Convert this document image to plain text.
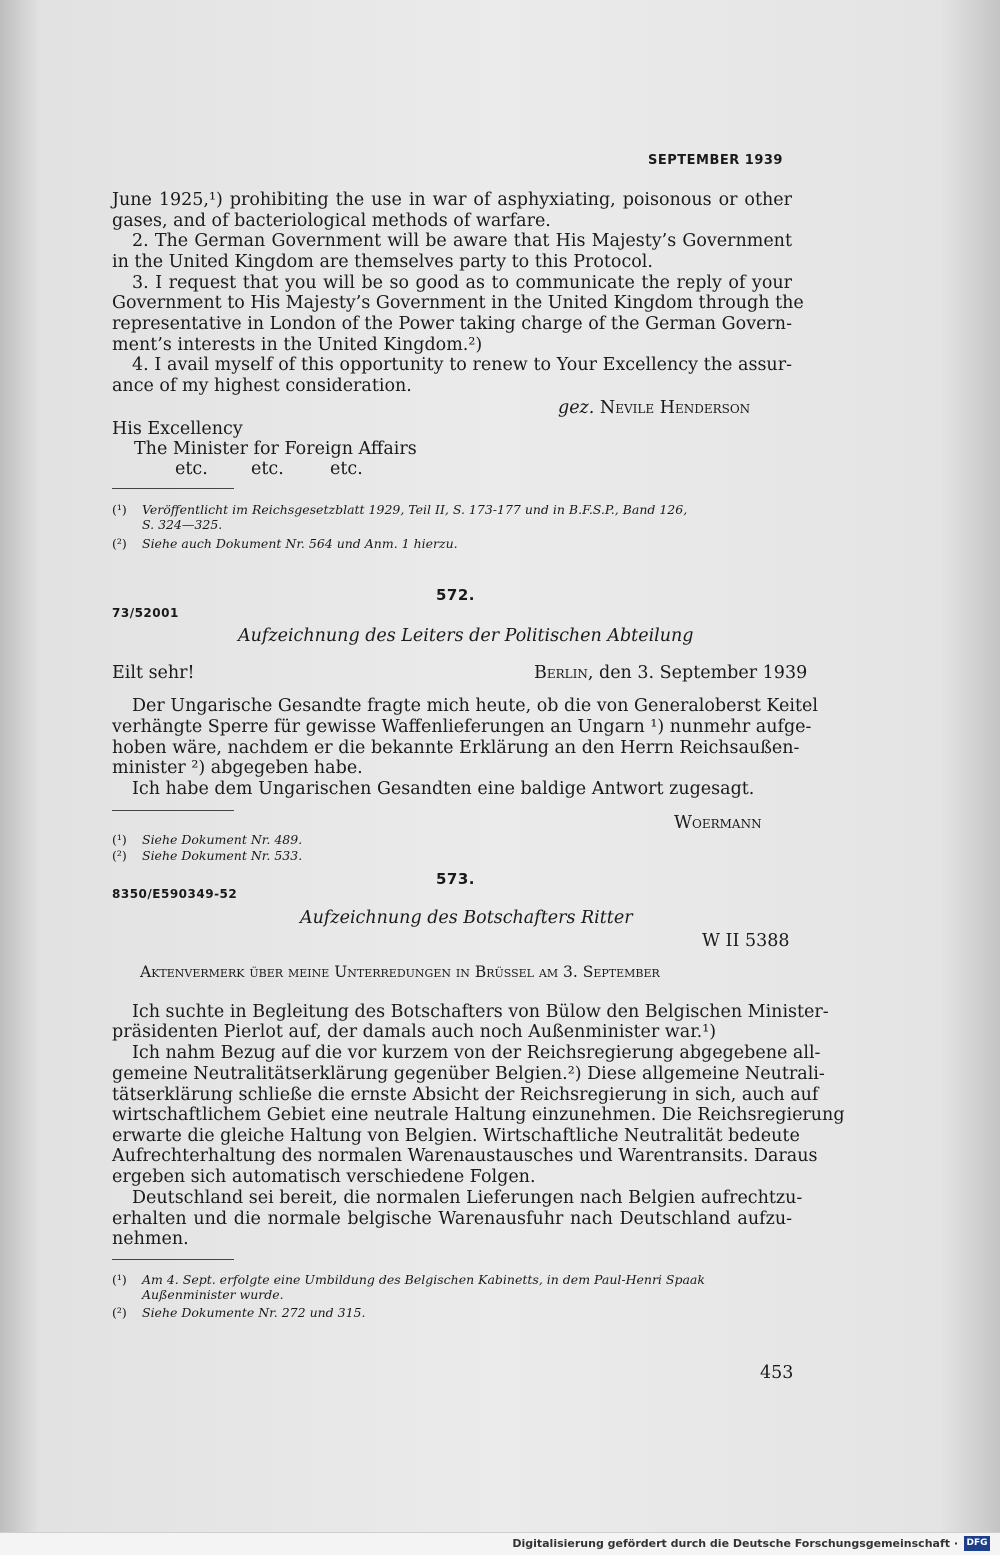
SEPTEMBER 1939
June 1925,¹) prohibiting the use in war of asphyxiating, poisonous or other
gases, and of bacteriological methods of warfare.
2. The German Government will be aware that His Majesty’s Government
in the United Kingdom are themselves party to this Protocol.
3. I request that you will be so good as to communicate the reply of your
Government to His Majesty’s Government in the United Kingdom through the
representative in London of the Power taking charge of the German Govern-
ment’s interests in the United Kingdom.²)
4. I avail myself of this opportunity to renew to Your Excellency the assur-
ance of my highest consideration.
gez. Nevile Henderson
His Excellency
The Minister for Foreign Affairs
etc. etc.	etc.
(¹) Veröffentlicht im Reichsgesetzblatt 1929, Teil II, S. 173-177 und in B.F.S.P., Band 126,
S. 324—325.
(²) Siehe auch Dokument Nr. 564 und Anm. 1 hierzu.
572.
73/52001
Aufzeichnung des Leiters der Politischen Abteilung
Eilt sehr!	Berlin, den 3. September 1939
Der Ungarische Gesandte fragte mich heute, ob die von Generaloberst Keitel
verhängte Sperre für gewisse Waffenlieferungen an Ungarn ¹) nunmehr aufge-
hoben wäre, nachdem er die bekannte Erklärung an den Herrn Reichsaußen-
minister ²) abgegeben habe.
Ich habe dem Ungarischen Gesandten eine baldige Antwort zugesagt.
Woermann
(¹) Siehe Dokument Nr. 489.
(²) Siehe Dokument Nr. 533.
573.
8350/E590349-52
Aufzeichnung des Botschafters Ritter
W II 5388
Aktenvermerk über meine Unterredungen in Brüssel am 3. September
Ich suchte in Begleitung des Botschafters von Bülow den Belgischen Minister-
präsidenten Pierlot auf, der damals auch noch Außenminister war.¹)
Ich nahm Bezug auf die vor kurzem von der Reichsregierung abgegebene all-
gemeine Neutralitätserklärung gegenüber Belgien.²) Diese allgemeine Neutrali-
tätserklärung schließe die ernste Absicht der Reichsregierung in sich, auch auf
wirtschaftlichem Gebiet eine neutrale Haltung einzunehmen. Die Reichsregierung
erwarte die gleiche Haltung von Belgien. Wirtschaftliche Neutralität bedeute
Aufrechterhaltung des normalen Warenaustausches und Warentransits. Daraus
ergeben sich automatisch verschiedene Folgen.
Deutschland sei bereit, die normalen Lieferungen nach Belgien aufrechtzu-
erhalten und die normale belgische Warenausfuhr nach Deutschland aufzu-
nehmen.
(¹) Am 4. Sept. erfolgte eine Umbildung des Belgischen Kabinetts, in dem Paul-Henri Spaak
Außenminister wurde.
(²) Siehe Dokumente Nr. 272 und 315.
453
Digitalisierung gefördert durch die Deutsche Forschungsgemeinschaft · DFG
